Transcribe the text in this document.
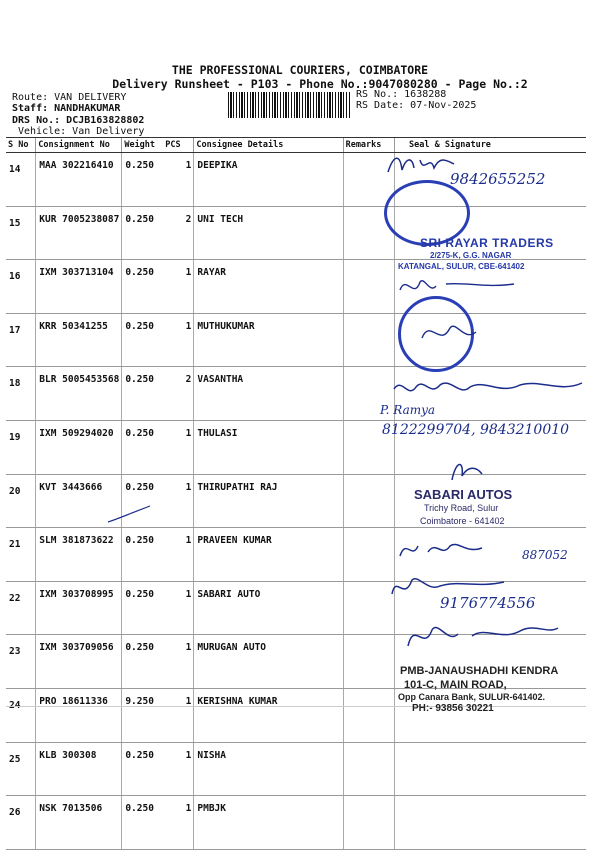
THE PROFESSIONAL COURIERS, COIMBATORE
Delivery Runsheet - P103 - Phone No.:9047080280 - Page No.:2
Route: VAN DELIVERY
Staff: NANDHAKUMAR
DRS No.: DCJB163828802
Vehicle: Van Delivery
RS No.: 1638288
RS Date: 07-Nov-2025
S No	Consignment No	Weight PCS		Consignee Details	Remarks	Seal & Signature
14	MAA 302216410	0.250	1	DEEPIKA		
15	KUR 7005238087	0.250	2	UNI TECH		
16	IXM 303713104	0.250	1	RAYAR		
17	KRR 50341255	0.250	1	MUTHUKUMAR		
18	BLR 5005453568	0.250	2	VASANTHA		
19	IXM 509294020	0.250	1	THULASI		
20	KVT 3443666	0.250	1	THIRUPATHI RAJ		
21	SLM 381873622	0.250	1	PRAVEEN KUMAR		
22	IXM 303708995	0.250	1	SABARI AUTO		
23	IXM 303709056	0.250	1	MURUGAN AUTO		
24	PRO 18611336	9.250	1	KERISHNA KUMAR		
25	KLB 300308	0.250	1	NISHA		
26	NSK 7013506	0.250	1	PMBJK		
9842655252
SRI RAYAR TRADERS
2/275-K, G.G. NAGAR
KATANGAL, SULUR, CBE-641402
P. Ramya
8122299704, 9843210010
SABARI AUTOS
Trichy Road, Sulur
Coimbatore - 641402
887052
9176774556
PMB-JANAUSHADHI KENDRA
101-C, MAIN ROAD,
Opp Canara Bank, SULUR-641402.
PH:- 93856 30221
